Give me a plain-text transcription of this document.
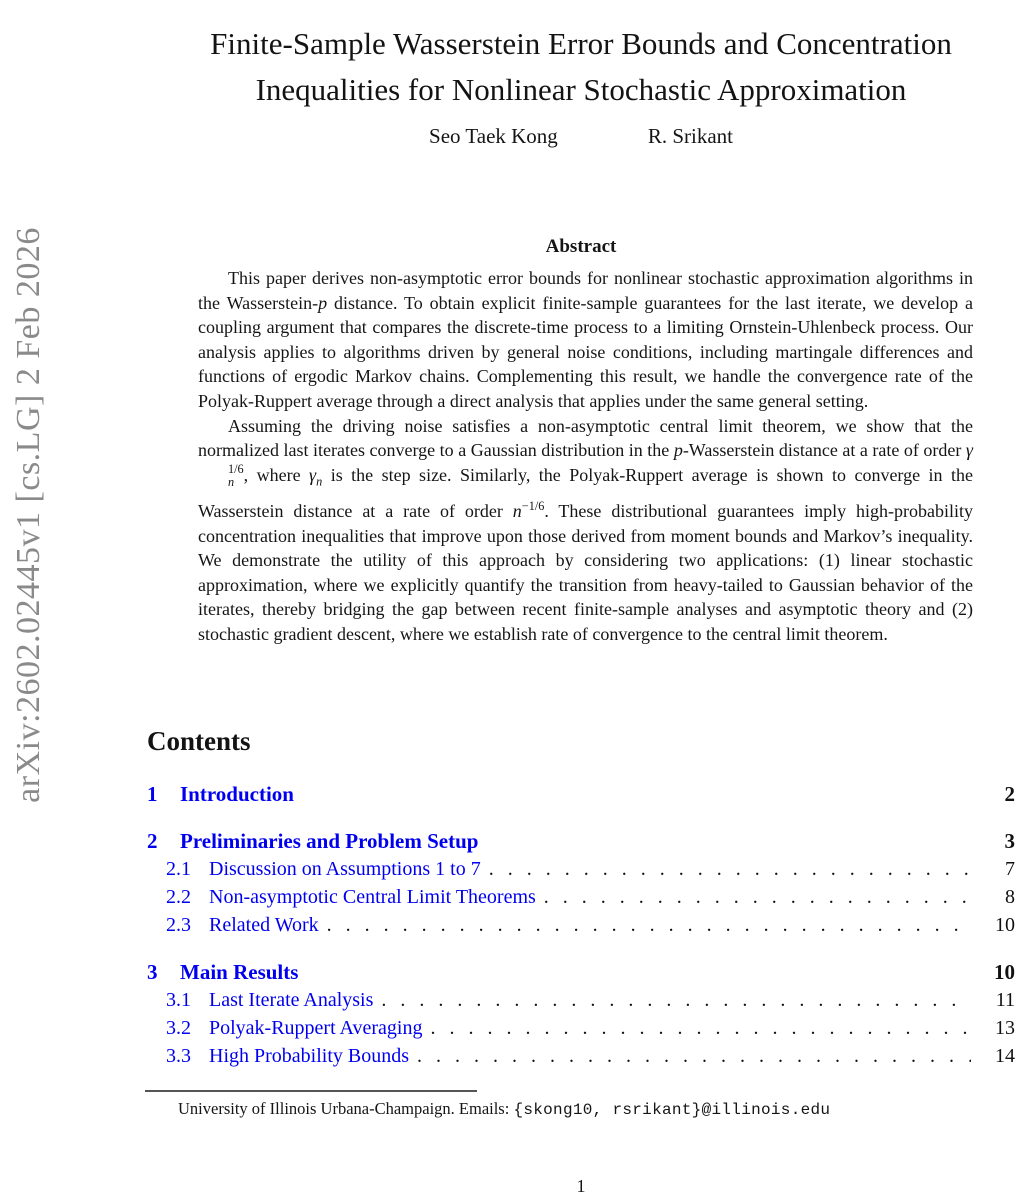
arXiv:2602.02445v1 [cs.LG] 2 Feb 2026
Finite-Sample Wasserstein Error Bounds and Concentration
Inequalities for Nonlinear Stochastic Approximation
Seo Taek Kong	R. Srikant
Abstract

This paper derives non-asymptotic error bounds for nonlinear stochastic approximation algorithms in the Wasserstein-p distance. To obtain explicit finite-sample guarantees for the last iterate, we develop a coupling argument that compares the discrete-time process to a limiting Ornstein-Uhlenbeck process. Our analysis applies to algorithms driven by general noise conditions, including martingale differences and functions of ergodic Markov chains. Complementing this result, we handle the convergence rate of the Polyak-Ruppert average through a direct analysis that applies under the same general setting.

Assuming the driving noise satisfies a non-asymptotic central limit theorem, we show that the normalized last iterates converge to a Gaussian distribution in the p-Wasserstein distance at a rate of order γ
1/6
n , where $\gamma_n$ is the step size. Similarly, the Polyak-Ruppert average is shown to converge in the Wasserstein distance at a rate of order $n^{-1/6}$. These distributional guarantees imply high-probability concentration inequalities that improve upon those derived from moment bounds and Markov’s inequality. We demonstrate the utility of this approach by considering two applications: (1) linear stochastic approximation, where we explicitly quantify the transition from heavy-tailed to Gaussian behavior of the iterates, thereby bridging the gap between recent finite-sample analyses and asymptotic theory and (2) stochastic gradient descent, where we establish rate of convergence to the central limit theorem.

Contents
1	Introduction	2
2	Preliminaries and Problem Setup	3
2.1 Discussion on Assumptions 1 to 7 . . .	7
2.2 Non-asymptotic Central Limit Theorems . . .	8
2.3 Related Work . . .	10
3	Main Results	10
3.1 Last Iterate Analysis . . .	11
3.2 Polyak-Ruppert Averaging . . .	13
3.3 High Probability Bounds . . .	14
University of Illinois Urbana-Champaign. Emails: {skong10, rsrikant}@illinois.edu
1
